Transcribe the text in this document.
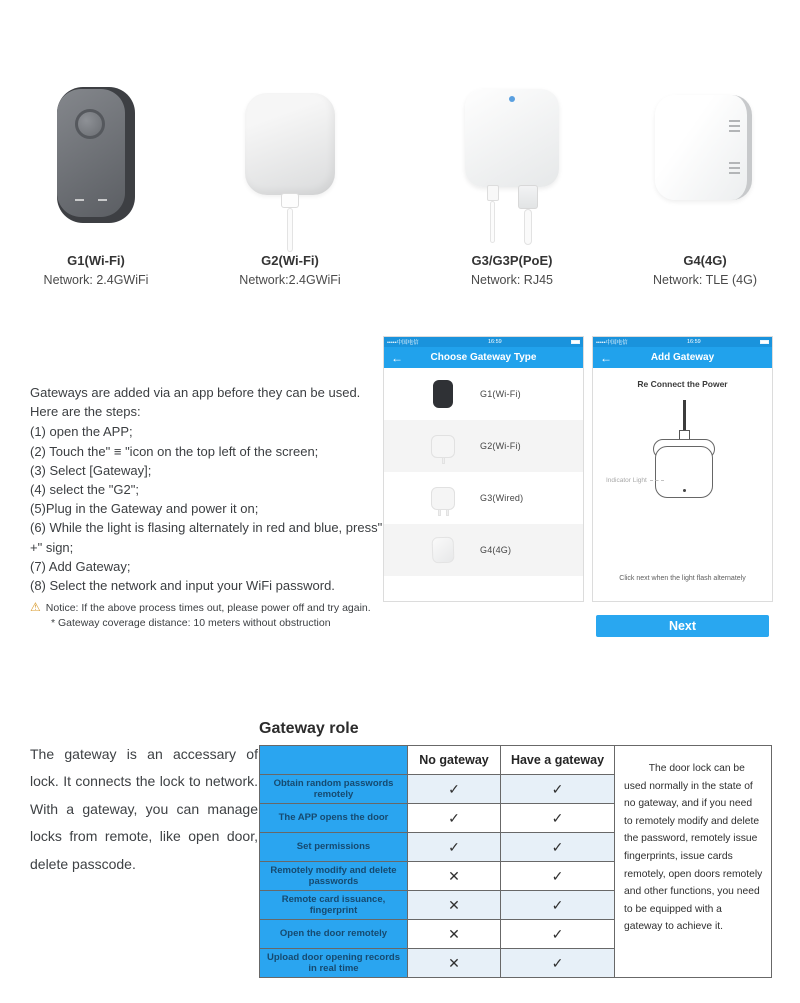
G1(Wi-Fi)
Network: 2.4GWiFi
G2(Wi-Fi)
Network:2.4GWiFi
G3/G3P(PoE)
Network: RJ45
G4(4G)
Network: TLE (4G)
Gateways are added via an app before they can be used. Here are the steps:
(1) open the APP;
(2) Touch the" ≡ "icon on the top left of the screen;
(3) Select [Gateway];
(4) select the "G2";
(5)Plug in the Gateway and power it on;
(6) While the light is flasing alternately in red and blue, press" +" sign;
(7) Add Gateway;
(8) Select the network and input your WiFi password.
⚠ Notice: If the above process times out, please power off and try again.
* Gateway coverage distance: 10 meters without obstruction
•••••中国电信	16:59
←	Choose Gateway Type
G1(Wi-Fi)
G2(Wi-Fi)
G3(Wired)
G4(4G)
•••••中国电信	16:59
←	Add Gateway
Re Connect the Power
Indicator Light
Click next when the light flash alternately
Next

The gateway is an accessary of lock. It connects the lock to network. With a gateway, you can manage locks from remote, like open door, delete passcode.

Gateway role
	No gateway	Have a gateway	The door lock can be used normally in the state of no gateway, and if you need to remotely modify and delete the password, remotely issue fingerprints, issue cards remotely, open doors remotely and other functions, you need to be equipped with a gateway to achieve it.

Obtain random passwords remotely	✓	✓	
The APP opens the door	✓	✓	
Set permissions	✓	✓	
Remotely modify and delete passwords	✕	✓	
Remote card issuance, fingerprint	✕	✓	
Open the door remotely	✕	✓	
Upload door opening records in real time	✕	✓	
